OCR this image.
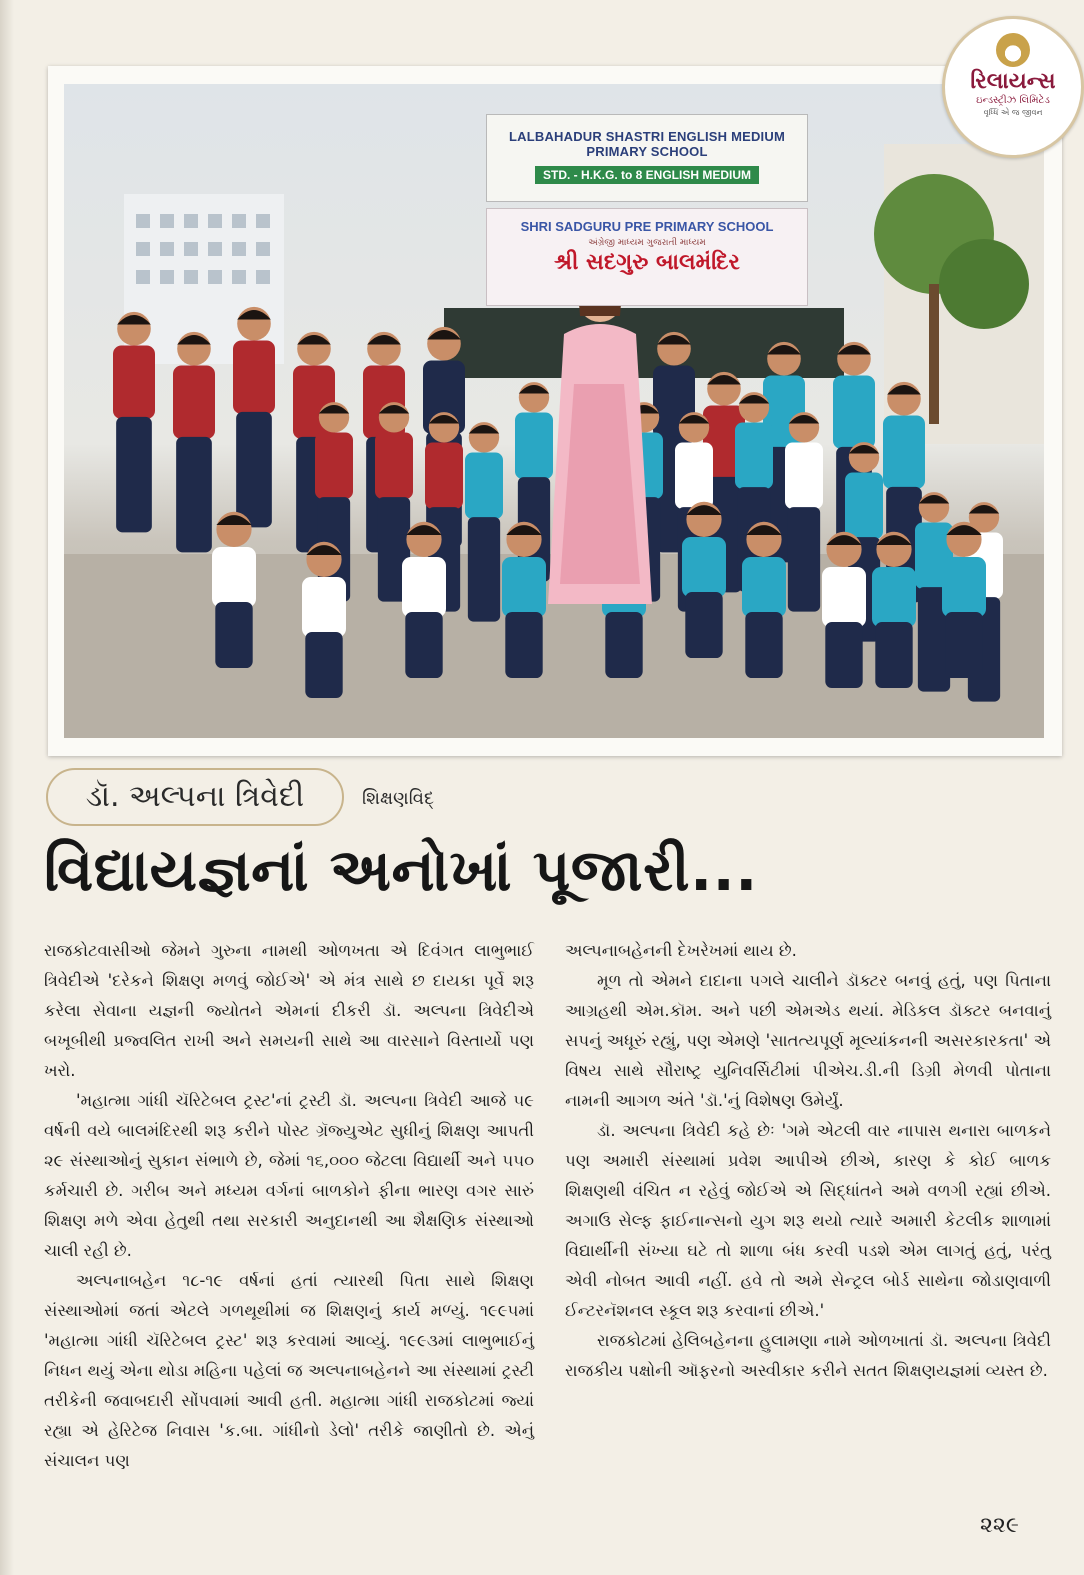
LALBAHADUR SHASTRI ENGLISH MEDIUM PRIMARY SCHOOL
STD. - H.K.G. to 8 ENGLISH MEDIUM
SHRI SADGURU PRE PRIMARY SCHOOL
અંગ્રેજી માધ્યમ ગુજરાતી માધ્યમ
શ્રી સદગુરુ બાલમંદિર
રિલાયન્સ
ઇન્ડસ્ટ્રીઝ લિમિટેડ
વૃધ્ધિ એ જ જીવન
ડૉ. અલ્પના ત્રિવેદી	શિક્ષણવિદ્
વિદ્યાયજ્ઞનાં અનોખાં પૂજારી...

રાજકોટવાસીઓ જેમને ગુરુના નામથી ઓળખતા એ દિવંગત લાભુભાઈ ત્રિવેદીએ 'દરેકને શિક્ષણ મળવું જોઈએ' એ મંત્ર સાથે છ દાયકા પૂર્વે શરૂ કરેલા સેવાના યજ્ઞની જ્યોતને એમનાં દીકરી ડૉ. અલ્પના ત્રિવેદીએ બખૂબીથી પ્રજ્વલિત રાખી અને સમયની સાથે આ વારસાને વિસ્તાર્યો પણ ખરો.

'મહાત્મા ગાંધી ચૅરિટેબલ ટ્રસ્ટ'નાં ટ્રસ્ટી ડૉ. અલ્પના ત્રિવેદી આજે ૫૯ વર્ષની વયે બાલમંદિરથી શરૂ કરીને પોસ્ટ ગ્રૅજ્યુએટ સુધીનું શિક્ષણ આપતી ૨૯ સંસ્થાઓનું સુકાન સંભાળે છે, જેમાં ૧૬,૦૦૦ જેટલા વિદ્યાર્થી અને ૫૫૦ કર્મચારી છે. ગરીબ અને મધ્યમ વર્ગનાં બાળકોને ફીના ભારણ વગર સારું શિક્ષણ મળે એવા હેતુથી તથા સરકારી અનુદાનથી આ શૈક્ષણિક સંસ્થાઓ ચાલી રહી છે.

અલ્પનાબહેન ૧૮-૧૯ વર્ષનાં હતાં ત્યારથી પિતા સાથે શિક્ષણ સંસ્થાઓમાં જતાં એટલે ગળથૂથીમાં જ શિક્ષણનું કાર્ય મળ્યું. ૧૯૯૫માં 'મહાત્મા ગાંધી ચૅરિટેબલ ટ્રસ્ટ' શરૂ કરવામાં આવ્યું. ૧૯૯૩માં લાભુભાઈનું નિધન થયું એના થોડા મહિના પહેલાં જ અલ્પનાબહેનને આ સંસ્થામાં ટ્રસ્ટી તરીકેની જવાબદારી સોંપવામાં આવી હતી. મહાત્મા ગાંધી રાજકોટમાં જ્યાં રહ્યા એ હેરિટેજ નિવાસ 'ક.બા. ગાંધીનો ડેલો' તરીકે જાણીતો છે. એનું સંચાલન પણ

અલ્પનાબહેનની દેખરેખમાં થાય છે.

મૂળ તો એમને દાદાના પગલે ચાલીને ડૉક્ટર બનવું હતું, પણ પિતાના આગ્રહથી એમ.કૉમ. અને પછી એમએડ થયાં. મેડિકલ ડૉક્ટર બનવાનું સપનું અધૂરું રહ્યું, પણ એમણે 'સાતત્યપૂર્ણ મૂલ્યાંકનની અસરકારકતા' એ વિષય સાથે સૌરાષ્ટ્ર યુનિવર્સિટીમાં પીએચ.ડી.ની ડિગ્રી મેળવી પોતાના નામની આગળ અંતે 'ડૉ.'નું વિશેષણ ઉમેર્યું.

ડૉ. અલ્પના ત્રિવેદી કહે છેઃ 'ગમે એટલી વાર નાપાસ થનારા બાળકને પણ અમારી સંસ્થામાં પ્રવેશ આપીએ છીએ, કારણ કે કોઈ બાળક શિક્ષણથી વંચિત ન રહેવું જોઈએ એ સિદ્ધાંતને અમે વળગી રહ્યાં છીએ. અગાઉ સેલ્ફ ફાઈનાન્સનો યુગ શરૂ થયો ત્યારે અમારી કેટલીક શાળામાં વિદ્યાર્થીની સંખ્યા ઘટે તો શાળા બંધ કરવી પડશે એમ લાગતું હતું, પરંતુ એવી નોબત આવી નહીં. હવે તો અમે સેન્ટ્રલ બોર્ડ સાથેના જોડાણવાળી ઈન્ટરનૅશનલ સ્કૂલ શરૂ કરવાનાં છીએ.'

રાજકોટમાં હેલિબહેનના હુલામણા નામે ઓળખાતાં ડૉ. અલ્પના ત્રિવેદી રાજકીય પક્ષોની ઑફરનો અસ્વીકાર કરીને સતત શિક્ષણયજ્ઞમાં વ્યસ્ત છે.

૨૨૯
